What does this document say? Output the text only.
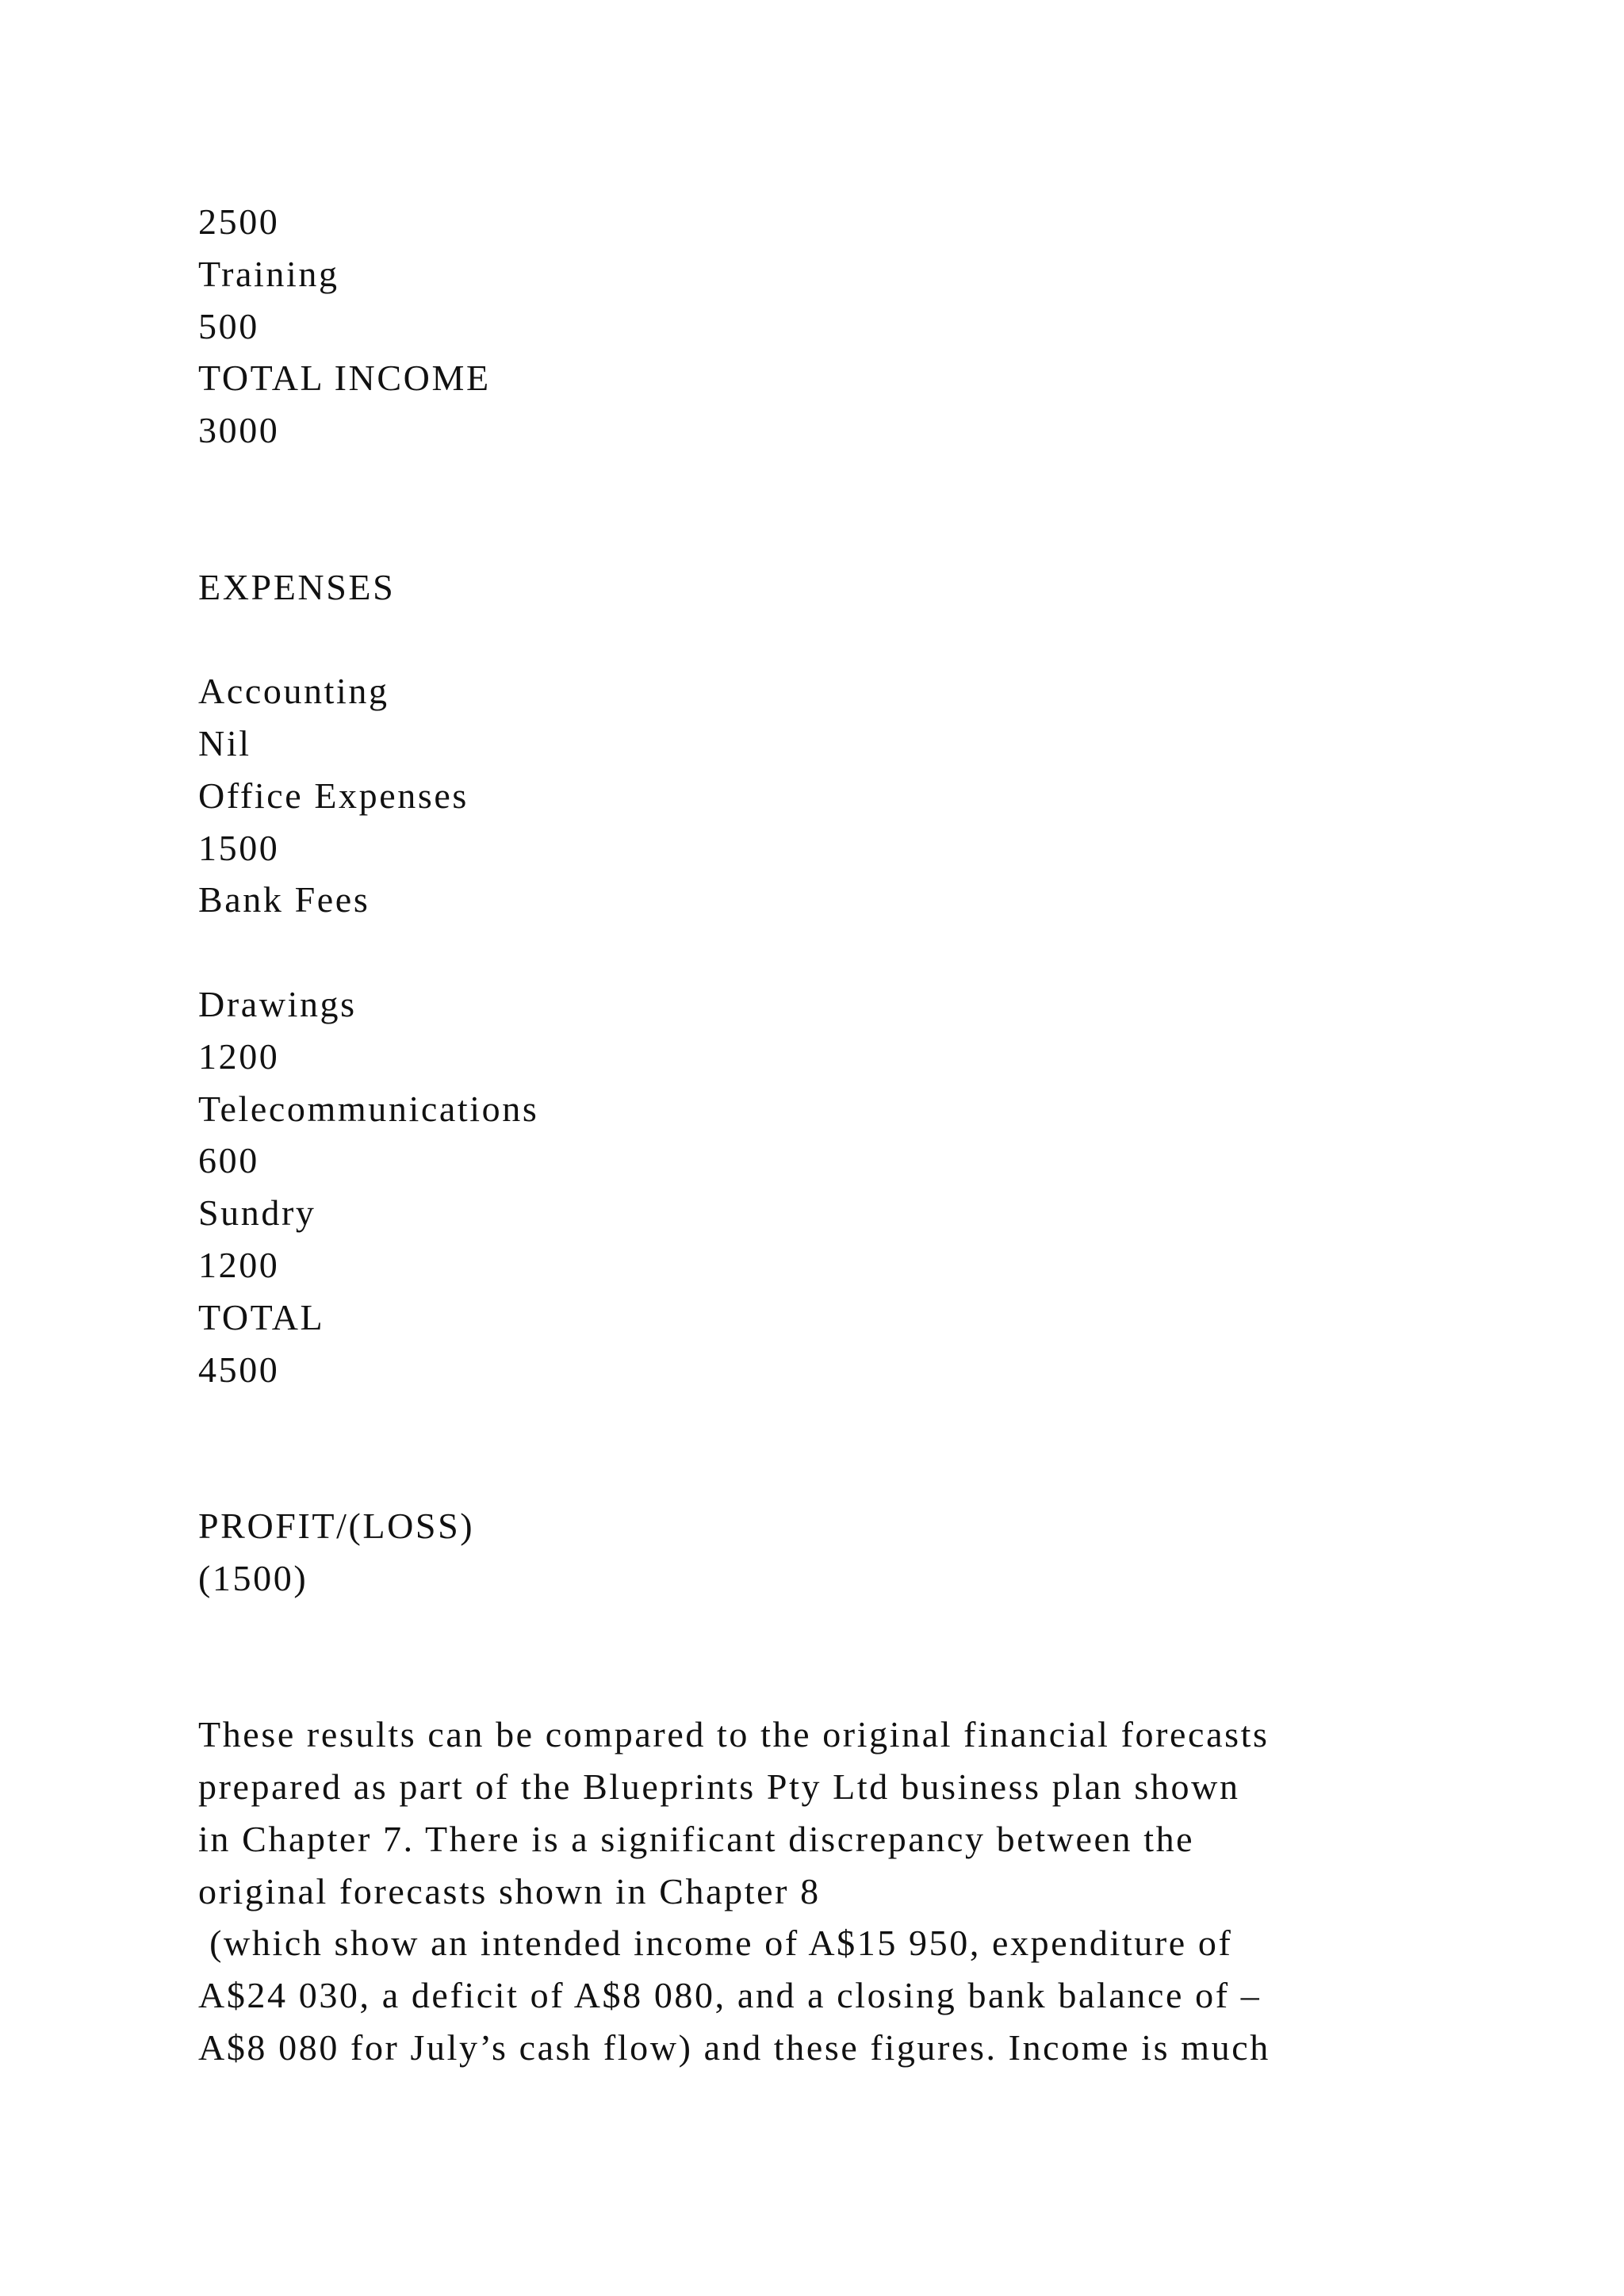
2500
Training
500
TOTAL INCOME
3000
EXPENSES
Accounting
Nil
Office Expenses
1500
Bank Fees
Drawings
1200
Telecommunications
600
Sundry
1200
TOTAL
4500
PROFIT/(LOSS)
(1500)
These results can be compared to the original financial forecasts
prepared as part of the Blueprints Pty Ltd business plan shown
in Chapter 7. There is a significant discrepancy between the
original forecasts shown in Chapter 8
(which show an intended income of A$15 950, expenditure of
A$24 030, a deficit of A$8 080, and a closing bank balance of –
A$8 080 for July’s cash flow) and these figures. Income is much
